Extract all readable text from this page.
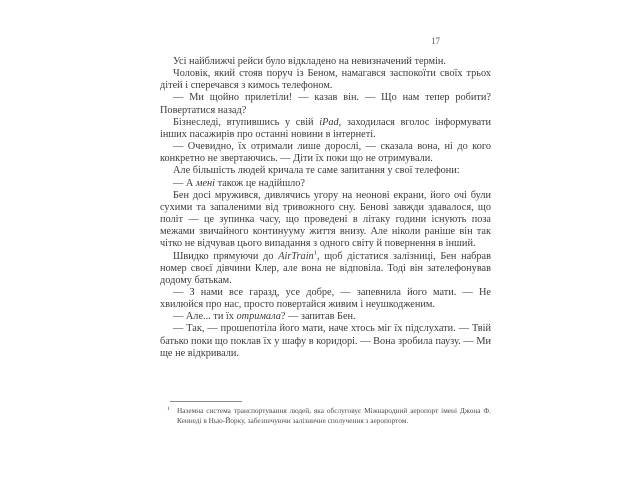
17

Усі найближчі рейси було відкладено на невизначений термін.

Чоловік, який стояв поруч із Беном, намагався заспокоїти своїх трьох дітей і сперечався з кимось телефоном.

— Ми щойно прилетіли! — казав він. — Що нам тепер робити? Повертатися назад?

Бізнеследі, втупившись у свій iPad, заходилася вголос інформувати інших пасажирів про останні новини в інтернеті.

— Очевидно, їх отримали лише дорослі, — сказала вона, ні до кого конкретно не звертаючись. — Діти їх поки що не отримували.

Але більшість людей кричала те саме запитання у свої телефони:

— А мені також це надійшло?

Бен досі мружився, дивлячись угору на неонові екрани, його очі були сухими та запаленими від тривожного сну. Бенові завжди здавалося, що політ — це зупинка часу, що проведені в літаку години існують поза межами звичайного континууму життя внизу. Але ніколи раніше він так чітко не відчував цього випадання з одного світу й повернення в інший.

Швидко прямуючи до AirTrain$^1$, щоб дістатися залізниці, Бен набрав номер своєї дівчини Клер, але вона не відповіла. Тоді він зателефонував додому батькам.

— З нами все гаразд, усе добре, — запевнила його мати. — Не хвилюйся про нас, просто повертайся живим і неушкодженим.

— Але... ти їх отримала? — запитав Бен.

— Так, — прошепотіла його мати, наче хтось міг їх підслухати. — Твій батько поки що поклав їх у шафу в коридорі. — Вона зробила паузу. — Ми ще не відкривали.

1 Наземна система транспортування людей, яка обслуговує Міжнародний аеропорт імені Джона Ф. Кеннеді в Нью-Йорку, забезпечуючи залізничне сполучення з аеропортом.
